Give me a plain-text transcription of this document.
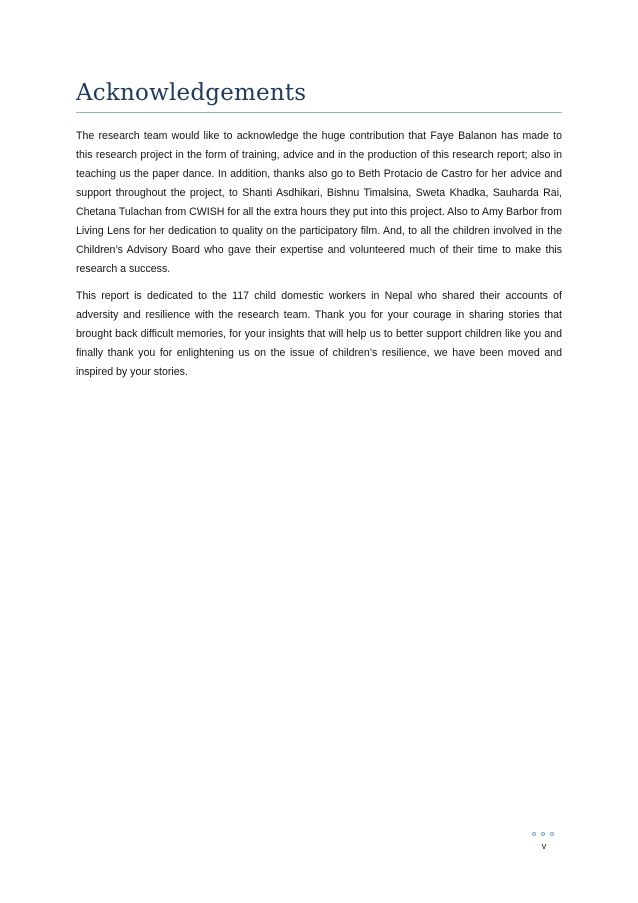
Acknowledgements

The research team would like to acknowledge the huge contribution that Faye Balanon has made to this research project in the form of training, advice and in the production of this research report; also in teaching us the paper dance. In addition, thanks also go to Beth Protacio de Castro for her advice and support throughout the project, to Shanti Asdhikari, Bishnu Timalsina, Sweta Khadka, Sauharda Rai, Chetana Tulachan from CWISH for all the extra hours they put into this project. Also to Amy Barbor from Living Lens for her dedication to quality on the participatory film. And, to all the children involved in the Children’s Advisory Board who gave their expertise and volunteered much of their time to make this research a success.

This report is dedicated to the 117 child domestic workers in Nepal who shared their accounts of adversity and resilience with the research team. Thank you for your courage in sharing stories that brought back difficult memories, for your insights that will help us to better support children like you and finally thank you for enlightening us on the issue of children’s resilience, we have been moved and inspired by your stories.

v
